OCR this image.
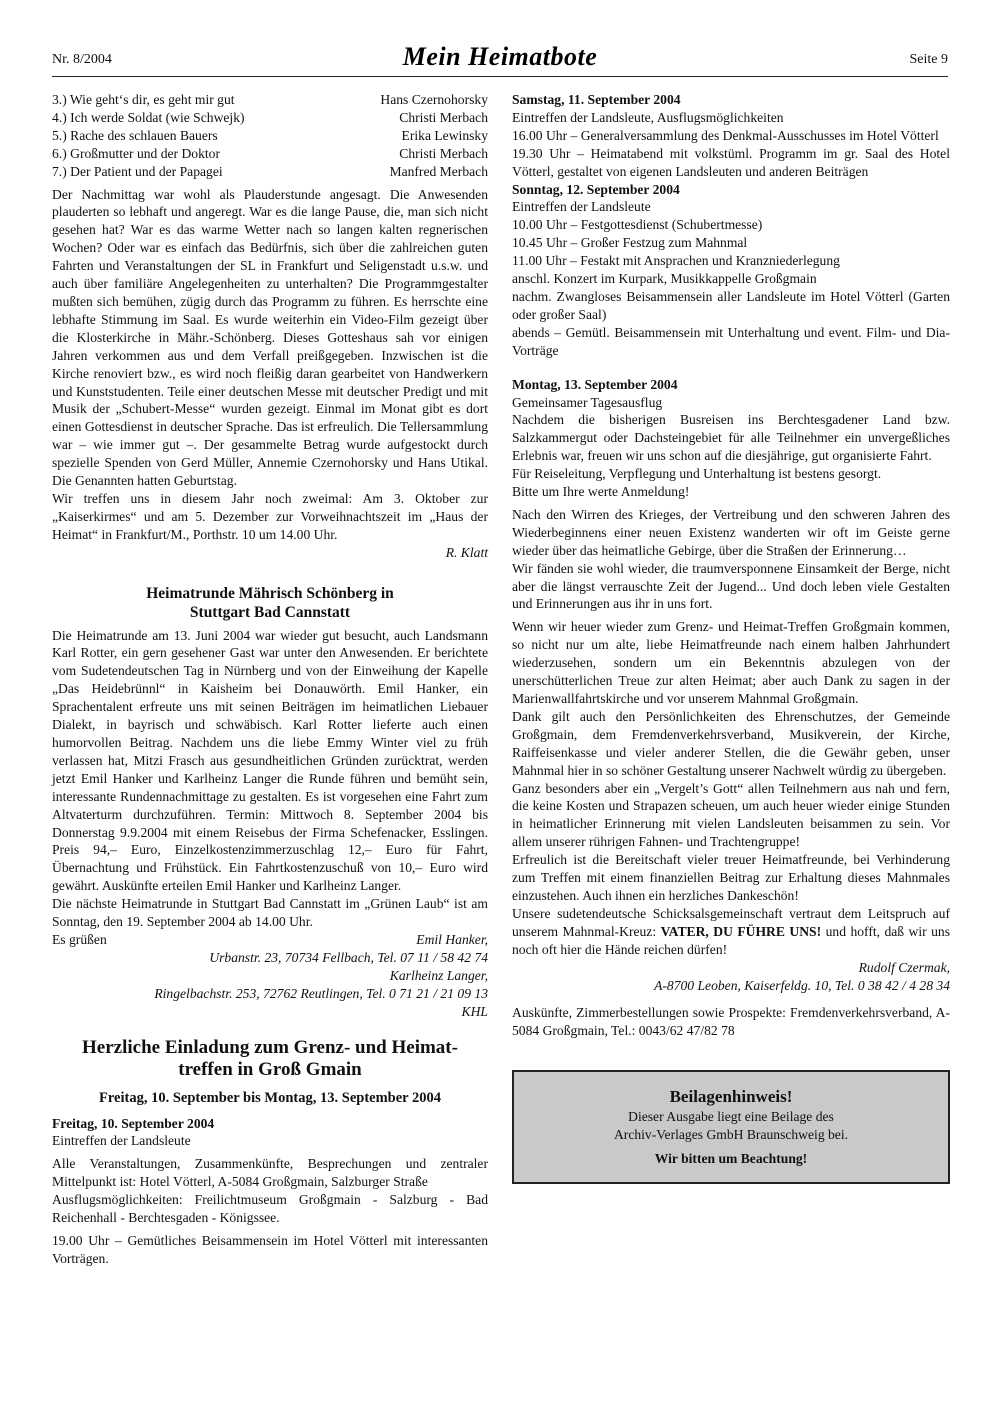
Nr. 8/2004	Mein Heimatbote	Seite 9
3.) Wie geht‘s dir, es geht mir gut	Hans Czernohorsky
4.) Ich werde Soldat (wie Schwejk)	Christi Merbach
5.) Rache des schlauen Bauers	Erika Lewinsky
6.) Großmutter und der Doktor	Christi Merbach
7.) Der Patient und der Papagei	Manfred Merbach

Der Nachmittag war wohl als Plauderstunde angesagt. Die Anwesenden plauderten so lebhaft und angeregt. War es die lange Pause, die, man sich nicht gesehen hat? War es das warme Wetter nach so langen kalten regnerischen Wochen? Oder war es einfach das Bedürfnis, sich über die zahlreichen guten Fahrten und Veranstaltungen der SL in Frankfurt und Seligenstadt u.s.w. und auch über familiäre Angelegenheiten zu unterhalten? Die Programmgestalter mußten sich bemühen, zügig durch das Programm zu führen. Es herrschte eine lebhafte Stimmung im Saal. Es wurde weiterhin ein Video-Film gezeigt über die Klosterkirche in Mähr.-Schönberg. Dieses Gotteshaus sah vor einigen Jahren verkommen aus und dem Verfall preißgegeben. Inzwischen ist die Kirche renoviert bzw., es wird noch fleißig daran gearbeitet von Handwerkern und Kunststudenten. Teile einer deutschen Messe mit deutscher Predigt und mit Musik der „Schubert-Messe“ wurden gezeigt. Einmal im Monat gibt es dort einen Gottesdienst in deutscher Sprache. Das ist erfreulich. Die Tellersammlung war – wie immer gut –. Der gesammelte Betrag wurde aufgestockt durch spezielle Spenden von Gerd Müller, Annemie Czernohorsky und Hans Utikal. Die Genannten hatten Geburtstag.

Wir treffen uns in diesem Jahr noch zweimal: Am 3. Oktober zur „Kaiserkirmes“ und am 5. Dezember zur Vorweihnachtszeit im „Haus der Heimat“ in Frankfurt/M., Porthstr. 10 um 14.00 Uhr.

R. Klatt

Heimatrunde Mährisch Schönberg in
Stuttgart Bad Cannstatt

Die Heimatrunde am 13. Juni 2004 war wieder gut besucht, auch Landsmann Karl Rotter, ein gern gesehener Gast war unter den Anwesenden. Er berichtete vom Sudetendeutschen Tag in Nürnberg und von der Einweihung der Kapelle „Das Heidebrünnl“ in Kaisheim bei Donauwörth. Emil Hanker, ein Sprachentalent erfreute uns mit seinen Beiträgen im heimatlichen Liebauer Dialekt, in bayrisch und schwäbisch. Karl Rotter lieferte auch einen humorvollen Beitrag. Nachdem uns die liebe Emmy Winter viel zu früh verlassen hat, Mitzi Frasch aus gesundheitlichen Gründen zurücktrat, werden jetzt Emil Hanker und Karlheinz Langer die Runde führen und bemüht sein, interessante Rundennachmittage zu gestalten. Es ist vorgesehen eine Fahrt zum Altvaterturm durchzuführen. Termin: Mittwoch 8. September 2004 bis Donnerstag 9.9.2004 mit einem Reisebus der Firma Schefenacker, Esslingen. Preis 94,– Euro, Einzelkostenzimmerzuschlag 12,– Euro für Fahrt, Übernachtung und Frühstück. Ein Fahrtkostenzuschuß von 10,– Euro wird gewährt. Auskünfte erteilen Emil Hanker und Karlheinz Langer.

Die nächste Heimatrunde in Stuttgart Bad Cannstatt im „Grünen Laub“ ist am Sonntag, den 19. September 2004 ab 14.00 Uhr.

Es grüßen	Emil Hanker,

Urbanstr. 23, 70734 Fellbach, Tel. 07 11 / 58 42 74

Karlheinz Langer,

Ringelbachstr. 253, 72762 Reutlingen, Tel. 0 71 21 / 21 09 13

KHL

Herzliche Einladung zum Grenz- und Heimat-
treffen in Groß Gmain
Freitag, 10. September bis Montag, 13. September 2004

Freitag, 10. September 2004

Eintreffen der Landsleute

Alle Veranstaltungen, Zusammenkünfte, Besprechungen und zentraler Mittelpunkt ist: Hotel Vötterl, A-5084 Großgmain, Salzburger Straße

Ausflugsmöglichkeiten: Freilichtmuseum Großgmain - Salzburg - Bad Reichenhall - Berchtesgaden - Königssee.

19.00 Uhr – Gemütliches Beisammensein im Hotel Vötterl mit interessanten Vorträgen.

Samstag, 11. September 2004

Eintreffen der Landsleute, Ausflugsmöglichkeiten

16.00 Uhr – Generalversammlung des Denkmal-Ausschusses im Hotel Vötterl

19.30 Uhr – Heimatabend mit volkstüml. Programm im gr. Saal des Hotel Vötterl, gestaltet von eigenen Landsleuten und anderen Beiträgen

Sonntag, 12. September 2004

Eintreffen der Landsleute

10.00 Uhr – Festgottesdienst (Schubertmesse)

10.45 Uhr – Großer Festzug zum Mahnmal

11.00 Uhr – Festakt mit Ansprachen und Kranzniederlegung

anschl. Konzert im Kurpark, Musikkappelle Großgmain

nachm. Zwangloses Beisammensein aller Landsleute im Hotel Vötterl (Garten oder großer Saal)

abends – Gemütl. Beisammensein mit Unterhaltung und event. Film- und Dia-Vorträge

Montag, 13. September 2004

Gemeinsamer Tagesausflug

Nachdem die bisherigen Busreisen ins Berchtesgadener Land bzw. Salzkammergut oder Dachsteingebiet für alle Teilnehmer ein unvergeßliches Erlebnis war, freuen wir uns schon auf die diesjährige, gut organisierte Fahrt.

Für Reiseleitung, Verpflegung und Unterhaltung ist bestens gesorgt.

Bitte um Ihre werte Anmeldung!

Nach den Wirren des Krieges, der Vertreibung und den schweren Jahren des Wiederbeginnens einer neuen Existenz wanderten wir oft im Geiste gerne wieder über das heimatliche Gebirge, über die Straßen der Erinnerung…

Wir fänden sie wohl wieder, die traumversponnene Einsamkeit der Berge, nicht aber die längst verrauschte Zeit der Jugend... Und doch leben viele Gestalten und Erinnerungen aus ihr in uns fort.

Wenn wir heuer wieder zum Grenz- und Heimat-Treffen Großgmain kommen, so nicht nur um alte, liebe Heimatfreunde nach einem halben Jahrhundert wiederzusehen, sondern um ein Bekenntnis abzulegen von der unerschütterlichen Treue zur alten Heimat; aber auch Dank zu sagen in der Marienwallfahrtskirche und vor unserem Mahnmal Großgmain.

Dank gilt auch den Persönlichkeiten des Ehrenschutzes, der Gemeinde Großgmain, dem Fremdenverkehrsverband, Musikverein, der Kirche, Raiffeisenkasse und vieler anderer Stellen, die die Gewähr geben, unser Mahnmal hier in so schöner Gestaltung unserer Nachwelt würdig zu übergeben.

Ganz besonders aber ein „Vergelt’s Gott“ allen Teilnehmern aus nah und fern, die keine Kosten und Strapazen scheuen, um auch heuer wieder einige Stunden in heimatlicher Erinnerung mit vielen Landsleuten beisammen zu sein. Vor allem unserer rührigen Fahnen- und Trachtengruppe!

Erfreulich ist die Bereitschaft vieler treuer Heimatfreunde, bei Verhinderung zum Treffen mit einem finanziellen Beitrag zur Erhaltung dieses Mahnmales einzustehen. Auch ihnen ein herzliches Dankeschön!

Unsere sudetendeutsche Schicksalsgemeinschaft vertraut dem Leitspruch auf unserem Mahnmal-Kreuz: VATER, DU FÜHRE UNS! und hofft, daß wir uns noch oft hier die Hände reichen dürfen!

Rudolf Czermak,

A-8700 Leoben, Kaiserfeldg. 10, Tel. 0 38 42 / 4 28 34

Auskünfte, Zimmerbestellungen sowie Prospekte: Fremdenverkehrsverband, A-5084 Großgmain, Tel.: 0043/62 47/82 78

Beilagenhinweis!
Dieser Ausgabe liegt eine Beilage des
Archiv-Verlages GmbH Braunschweig bei.
Wir bitten um Beachtung!
